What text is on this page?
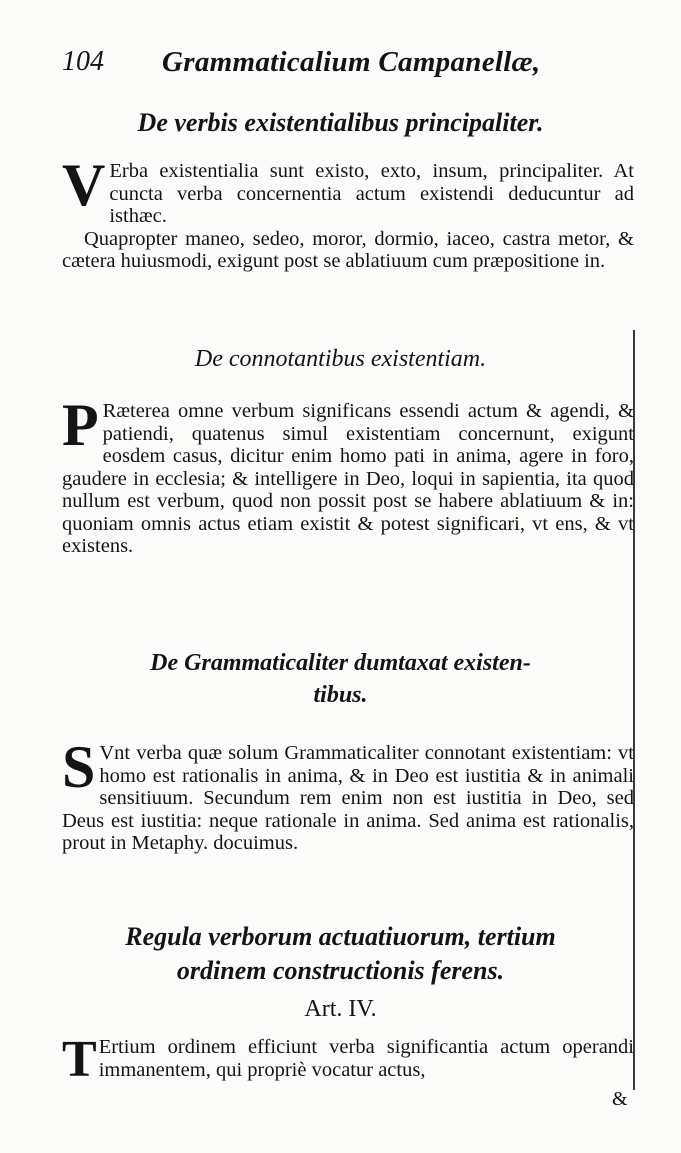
104 Grammaticalium Campanellæ,
De verbis existentialibus principaliter.

V Erba existentialia sunt existo, exto, insum, principaliter. At cuncta verba concernentia actum existendi deducuntur ad isthæc.

Quapropter maneo, sedeo, moror, dormio, iaceo, castra metor, & cætera huiusmodi, exigunt post se ablatiuum cum præpositione in.

De connotantibus existentiam.

P Ræterea omne verbum significans essendi actum & agendi, & patiendi, quatenus simul existentiam concernunt, exigunt eosdem casus, dicitur enim homo pati in anima, agere in foro, gaudere in ecclesia; & intelligere in Deo, loqui in sapientia, ita quod nullum est verbum, quod non possit post se habere ablatiuum & in: quoniam omnis actus etiam existit & potest significari, vt ens, & vt existens.

De Grammaticaliter dumtaxat existen-
tibus.

S Vnt verba quæ solum Grammaticaliter connotant existentiam: vt homo est rationalis in anima, & in Deo est iustitia & in animali sensitiuum. Secundum rem enim non est iustitia in Deo, sed Deus est iustitia: neque rationale in anima. Sed anima est rationalis, prout in Metaphy. docuimus.

Regula verborum actuatiuorum, tertium
ordinem constructionis ferens.
Art. IV.

T Ertium ordinem efficiunt verba significantia actum operandi immanentem, qui propriè vocatur actus,

&
